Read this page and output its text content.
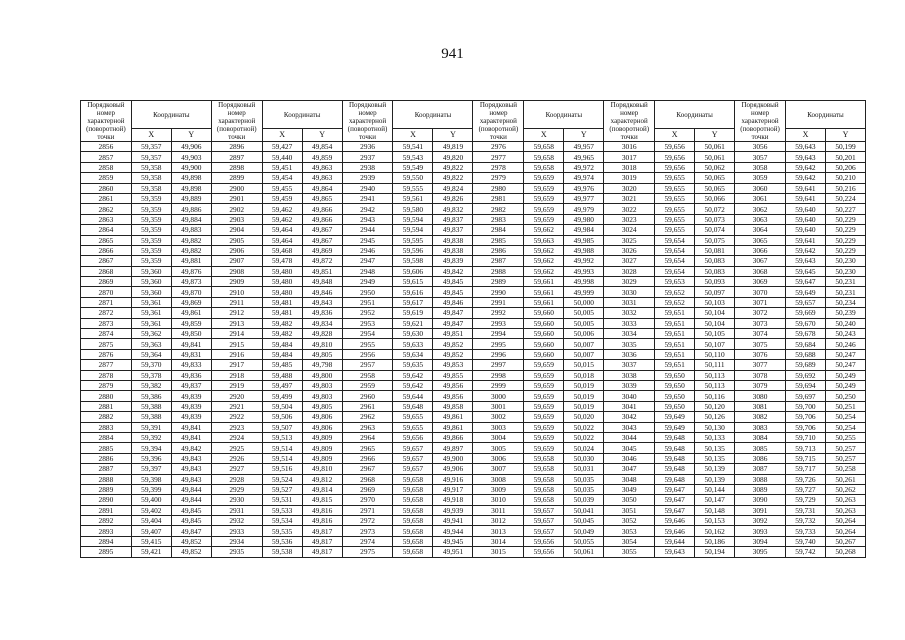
941
Порядковый номер характерной (поворотной) точки	Координаты		Порядковый номер характерной (поворотной) точки	Координаты		Порядковый номер характерной (поворотной) точки	Координаты		Порядковый номер характерной (поворотной) точки	Координаты		Порядковый номер характерной (поворотной) точки	Координаты		Порядковый номер характерной (поворотной) точки	Координаты	
	X	Y		X	Y		X	Y		X	Y		X	Y		X	Y
2856	59,357	49,906	2896	59,427	49,854	2936	59,541	49,819	2976	59,658	49,957	3016	59,656	50,061	3056	59,643	50,199
2857	59,357	49,903	2897	59,440	49,859	2937	59,543	49,820	2977	59,658	49,965	3017	59,656	50,061	3057	59,643	50,201
2858	59,358	49,900	2898	59,451	49,863	2938	59,549	49,822	2978	59,658	49,972	3018	59,656	50,062	3058	59,642	50,206
2859	59,358	49,898	2899	59,454	49,863	2939	59,550	49,822	2979	59,659	49,974	3019	59,655	50,065	3059	59,642	50,210
2860	59,358	49,898	2900	59,455	49,864	2940	59,555	49,824	2980	59,659	49,976	3020	59,655	50,065	3060	59,641	50,216
2861	59,359	49,889	2901	59,459	49,865	2941	59,561	49,826	2981	59,659	49,977	3021	59,655	50,066	3061	59,641	50,224
2862	59,359	49,886	2902	59,462	49,866	2942	59,580	49,832	2982	59,659	49,979	3022	59,655	50,072	3062	59,640	50,227
2863	59,359	49,884	2903	59,462	49,866	2943	59,594	49,837	2983	59,659	49,980	3023	59,655	50,073	3063	59,640	50,229
2864	59,359	49,883	2904	59,464	49,867	2944	59,594	49,837	2984	59,662	49,984	3024	59,655	50,074	3064	59,640	50,229
2865	59,359	49,882	2905	59,464	49,867	2945	59,595	49,838	2985	59,663	49,985	3025	59,654	50,075	3065	59,641	50,229
2866	59,359	49,882	2906	59,468	49,869	2946	59,596	49,838	2986	59,662	49,988	3026	59,654	50,081	3066	59,642	50,229
2867	59,359	49,881	2907	59,478	49,872	2947	59,598	49,839	2987	59,662	49,992	3027	59,654	50,083	3067	59,643	50,230
2868	59,360	49,876	2908	59,480	49,851	2948	59,606	49,842	2988	59,662	49,993	3028	59,654	50,083	3068	59,645	50,230
2869	59,360	49,873	2909	59,480	49,848	2949	59,615	49,845	2989	59,661	49,998	3029	59,653	50,093	3069	59,647	50,231
2870	59,360	49,870	2910	59,480	49,846	2950	59,616	49,845	2990	59,661	49,999	3030	59,652	50,097	3070	59,649	50,231
2871	59,361	49,869	2911	59,481	49,843	2951	59,617	49,846	2991	59,661	50,000	3031	59,652	50,103	3071	59,657	50,234
2872	59,361	49,861	2912	59,481	49,836	2952	59,619	49,847	2992	59,660	50,005	3032	59,651	50,104	3072	59,669	50,239
2873	59,361	49,859	2913	59,482	49,834	2953	59,621	49,847	2993	59,660	50,005	3033	59,651	50,104	3073	59,670	50,240
2874	59,362	49,850	2914	59,482	49,828	2954	59,630	49,851	2994	59,660	50,006	3034	59,651	50,105	3074	59,678	50,243
2875	59,363	49,841	2915	59,484	49,810	2955	59,633	49,852	2995	59,660	50,007	3035	59,651	50,107	3075	59,684	50,246
2876	59,364	49,831	2916	59,484	49,805	2956	59,634	49,852	2996	59,660	50,007	3036	59,651	50,110	3076	59,688	50,247
2877	59,370	49,833	2917	59,485	49,798	2957	59,635	49,853	2997	59,659	50,015	3037	59,651	50,111	3077	59,689	50,247
2878	59,378	49,836	2918	59,488	49,800	2958	59,642	49,855	2998	59,659	50,018	3038	59,650	50,113	3078	59,692	50,249
2879	59,382	49,837	2919	59,497	49,803	2959	59,642	49,856	2999	59,659	50,019	3039	59,650	50,113	3079	59,694	50,249
2880	59,386	49,839	2920	59,499	49,803	2960	59,644	49,856	3000	59,659	50,019	3040	59,650	50,116	3080	59,697	50,250
2881	59,388	49,839	2921	59,504	49,805	2961	59,648	49,858	3001	59,659	50,019	3041	59,650	50,120	3081	59,700	50,251
2882	59,388	49,839	2922	59,506	49,806	2962	59,655	49,861	3002	59,659	50,020	3042	59,649	50,126	3082	59,706	50,254
2883	59,391	49,841	2923	59,507	49,806	2963	59,655	49,861	3003	59,659	50,022	3043	59,649	50,130	3083	59,706	50,254
2884	59,392	49,841	2924	59,513	49,809	2964	59,656	49,866	3004	59,659	50,022	3044	59,648	50,133	3084	59,710	50,255
2885	59,394	49,842	2925	59,514	49,809	2965	59,657	49,897	3005	59,659	50,024	3045	59,648	50,135	3085	59,713	50,257
2886	59,396	49,843	2926	59,514	49,809	2966	59,657	49,900	3006	59,658	50,030	3046	59,648	50,135	3086	59,715	50,257
2887	59,397	49,843	2927	59,516	49,810	2967	59,657	49,906	3007	59,658	50,031	3047	59,648	50,139	3087	59,717	50,258
2888	59,398	49,843	2928	59,524	49,812	2968	59,658	49,916	3008	59,658	50,035	3048	59,648	50,139	3088	59,726	50,261
2889	59,399	49,844	2929	59,527	49,814	2969	59,658	49,917	3009	59,658	50,035	3049	59,647	50,144	3089	59,727	50,262
2890	59,400	49,844	2930	59,531	49,815	2970	59,658	49,918	3010	59,658	50,039	3050	59,647	50,147	3090	59,729	50,263
2891	59,402	49,845	2931	59,533	49,816	2971	59,658	49,939	3011	59,657	50,041	3051	59,647	50,148	3091	59,731	50,263
2892	59,404	49,845	2932	59,534	49,816	2972	59,658	49,941	3012	59,657	50,045	3052	59,646	50,153	3092	59,732	50,264
2893	59,407	49,847	2933	59,535	49,817	2973	59,658	49,944	3013	59,657	50,049	3053	59,646	50,162	3093	59,733	50,264
2894	59,415	49,852	2934	59,536	49,817	2974	59,658	49,945	3014	59,656	50,055	3054	59,644	50,186	3094	59,740	50,267
2895	59,421	49,852	2935	59,538	49,817	2975	59,658	49,951	3015	59,656	50,061	3055	59,643	50,194	3095	59,742	50,268
